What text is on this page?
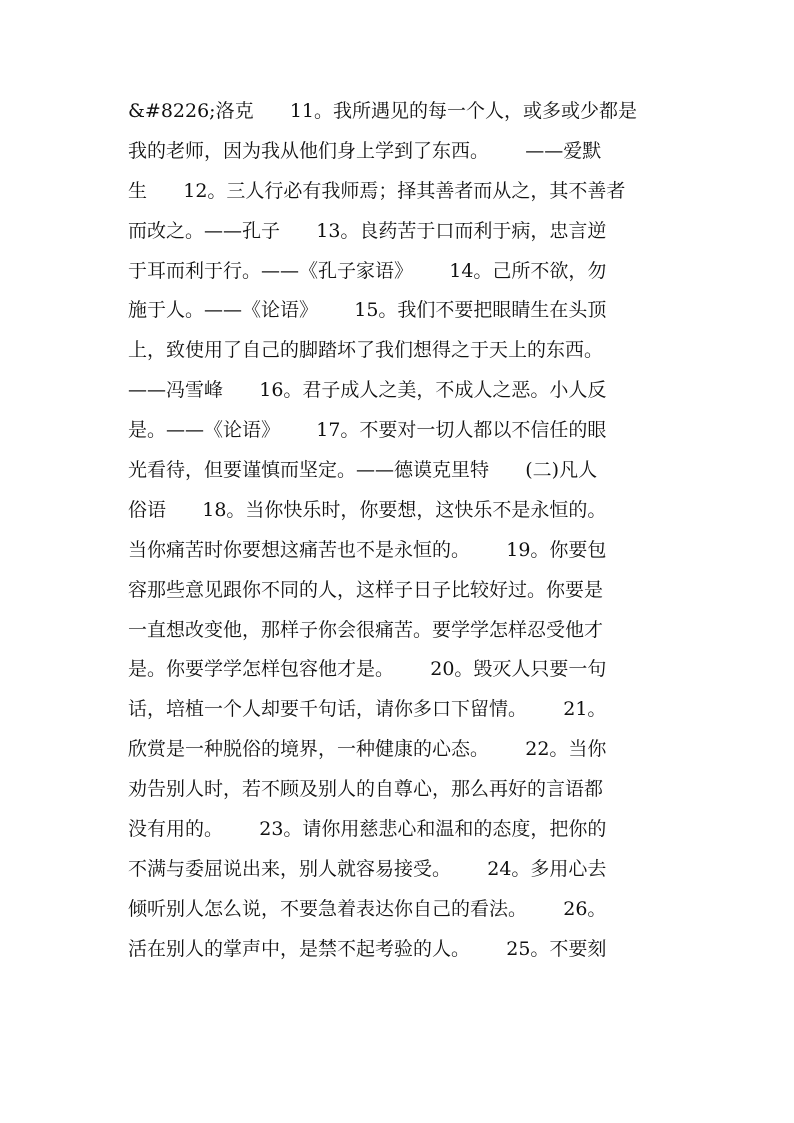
&#8226;洛克      11。我所遇见的每一个人，或多或少都是
我的老师，因为我从他们身上学到了东西。      ——爱默
生      12。三人行必有我师焉；择其善者而从之，其不善者
而改之。——孔子      13。良药苦于口而利于病，忠言逆
于耳而利于行。——《孔子家语》      14。己所不欲，勿
施于人。——《论语》      15。我们不要把眼睛生在头顶
上，致使用了自己的脚踏坏了我们想得之于天上的东西。
——冯雪峰      16。君子成人之美，不成人之恶。小人反
是。——《论语》      17。不要对一切人都以不信任的眼
光看待，但要谨慎而坚定。——德谟克里特      (二)凡人
俗语      18。当你快乐时，你要想，这快乐不是永恒的。
当你痛苦时你要想这痛苦也不是永恒的。      19。你要包
容那些意见跟你不同的人，这样子日子比较好过。你要是
一直想改变他，那样子你会很痛苦。要学学怎样忍受他才
是。你要学学怎样包容他才是。      20。毁灭人只要一句
话，培植一个人却要千句话，请你多口下留情。      21。
欣赏是一种脱俗的境界，一种健康的心态。      22。当你
劝告别人时，若不顾及别人的自尊心，那么再好的言语都
没有用的。      23。请你用慈悲心和温和的态度，把你的
不满与委屈说出来，别人就容易接受。      24。多用心去
倾听别人怎么说，不要急着表达你自己的看法。      26。
活在别人的掌声中，是禁不起考验的人。      25。不要刻
